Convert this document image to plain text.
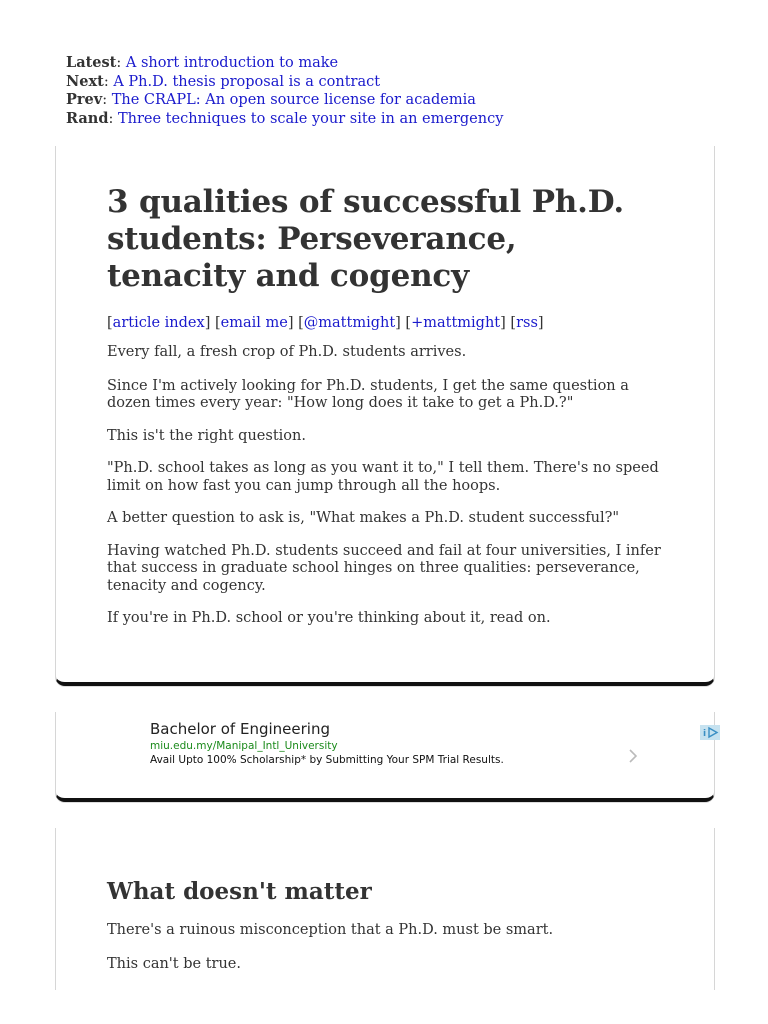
Latest: A short introduction to make
Next: A Ph.D. thesis proposal is a contract
Prev: The CRAPL: An open source license for academia
Rand: Three techniques to scale your site in an emergency
3 qualities of successful Ph.D. students: Perseverance, tenacity and cogency
[article index] [email me] [@mattmight] [+mattmight] [rss]

Every fall, a fresh crop of Ph.D. students arrives.

Since I'm actively looking for Ph.D. students, I get the same question a dozen times every year: "How long does it take to get a Ph.D.?"

This is't the right question.

"Ph.D. school takes as long as you want it to," I tell them. There's no speed limit on how fast you can jump through all the hoops.

A better question to ask is, "What makes a Ph.D. student successful?"

Having watched Ph.D. students succeed and fail at four universities, I infer that success in graduate school hinges on three qualities: perseverance, tenacity and cogency.

If you're in Ph.D. school or you're thinking about it, read on.

Bachelor of Engineering
miu.edu.my/Manipal_Intl_University
Avail Upto 100% Scholarship* by Submitting Your SPM Trial Results.
i
What doesn't matter

There's a ruinous misconception that a Ph.D. must be smart.

This can't be true.
